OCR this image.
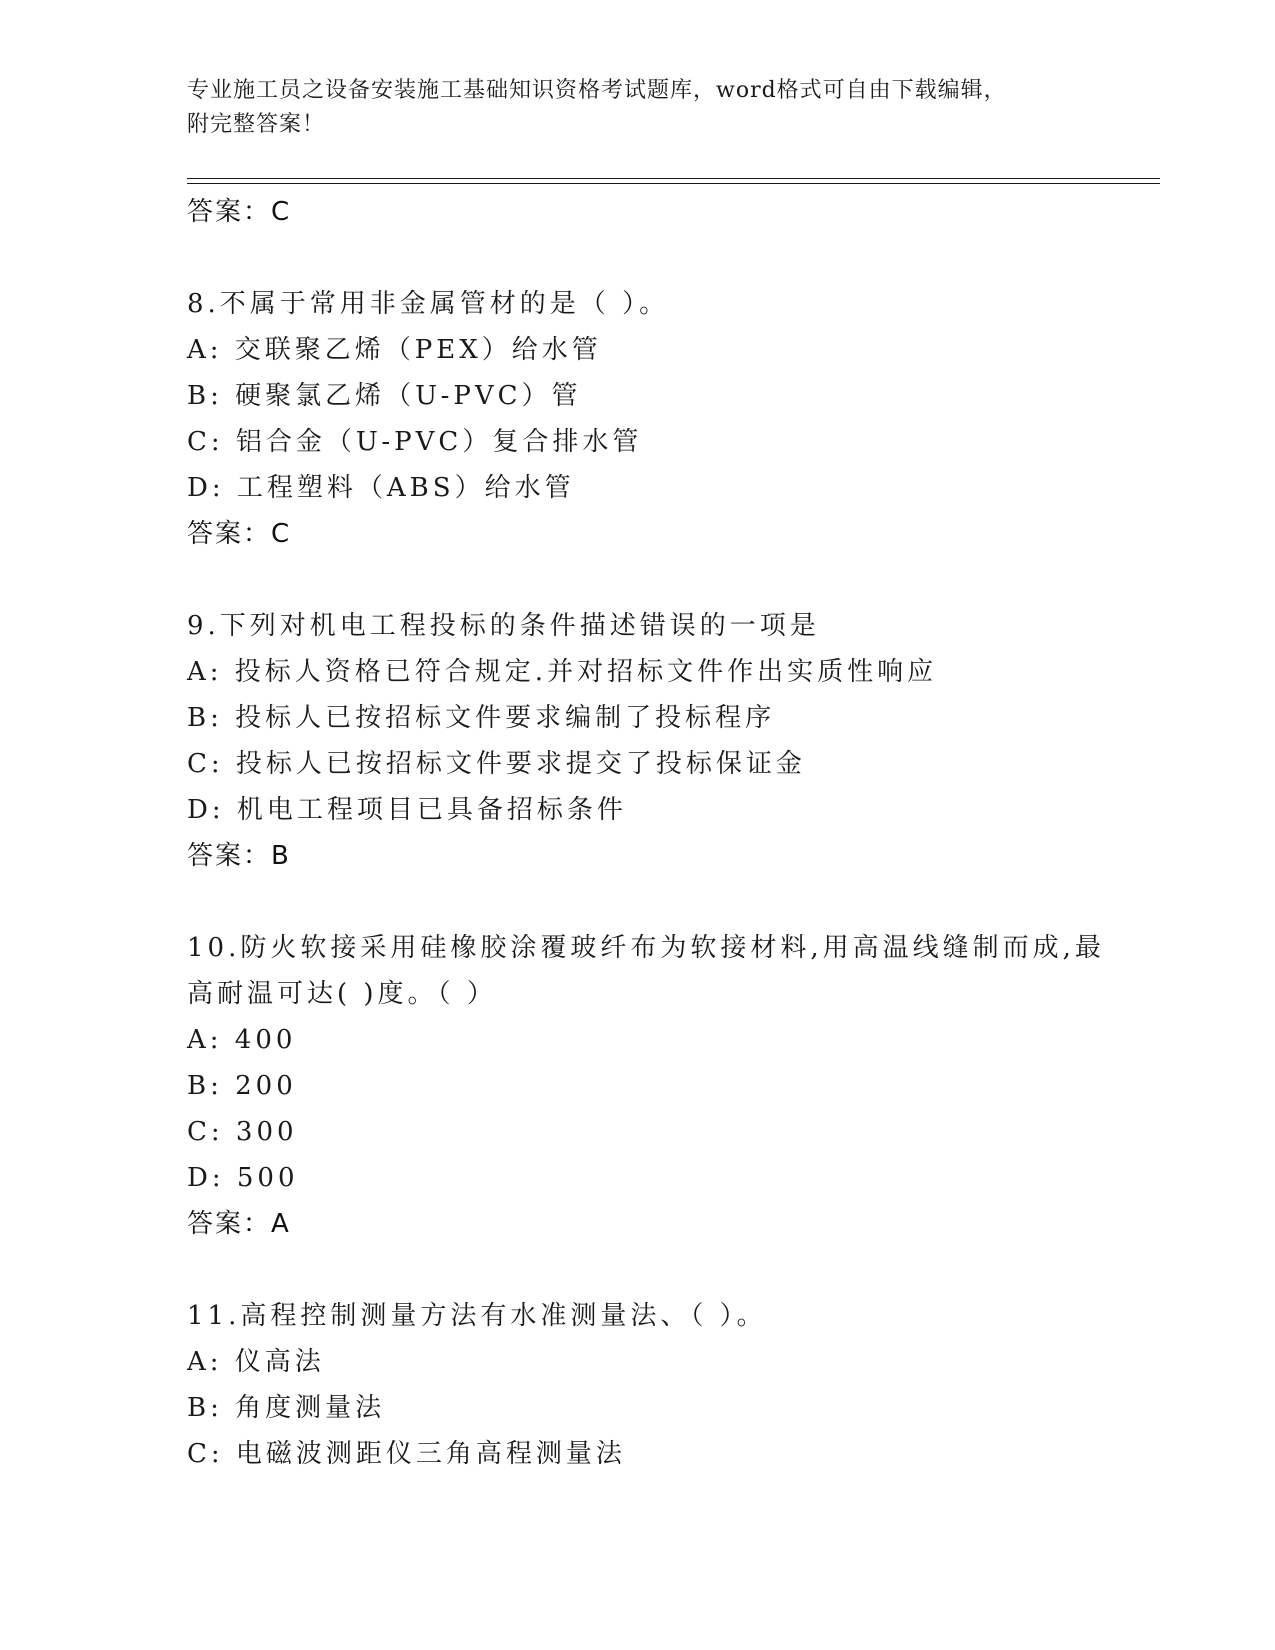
专业施工员之设备安装施工基础知识资格考试题库，word格式可自由下载编辑，

附完整答案！

答案：C
8.不属于常用非金属管材的是（ ）。
A: 交联聚乙烯（PEX）给水管
B: 硬聚氯乙烯（U-PVC）管
C: 铝合金（U-PVC）复合排水管
D: 工程塑料（ABS）给水管
答案：C
9.下列对机电工程投标的条件描述错误的一项是
A: 投标人资格已符合规定.并对招标文件作出实质性响应
B: 投标人已按招标文件要求编制了投标程序
C: 投标人已按招标文件要求提交了投标保证金
D: 机电工程项目已具备招标条件
答案：B
10.防火软接采用硅橡胶涂覆玻纤布为软接材料,用高温线缝制而成,最
高耐温可达( )度。（ ）
A: 400
B: 200
C: 300
D: 500
答案：A
11.高程控制测量方法有水准测量法、（ ）。
A: 仪高法
B: 角度测量法
C: 电磁波测距仪三角高程测量法
